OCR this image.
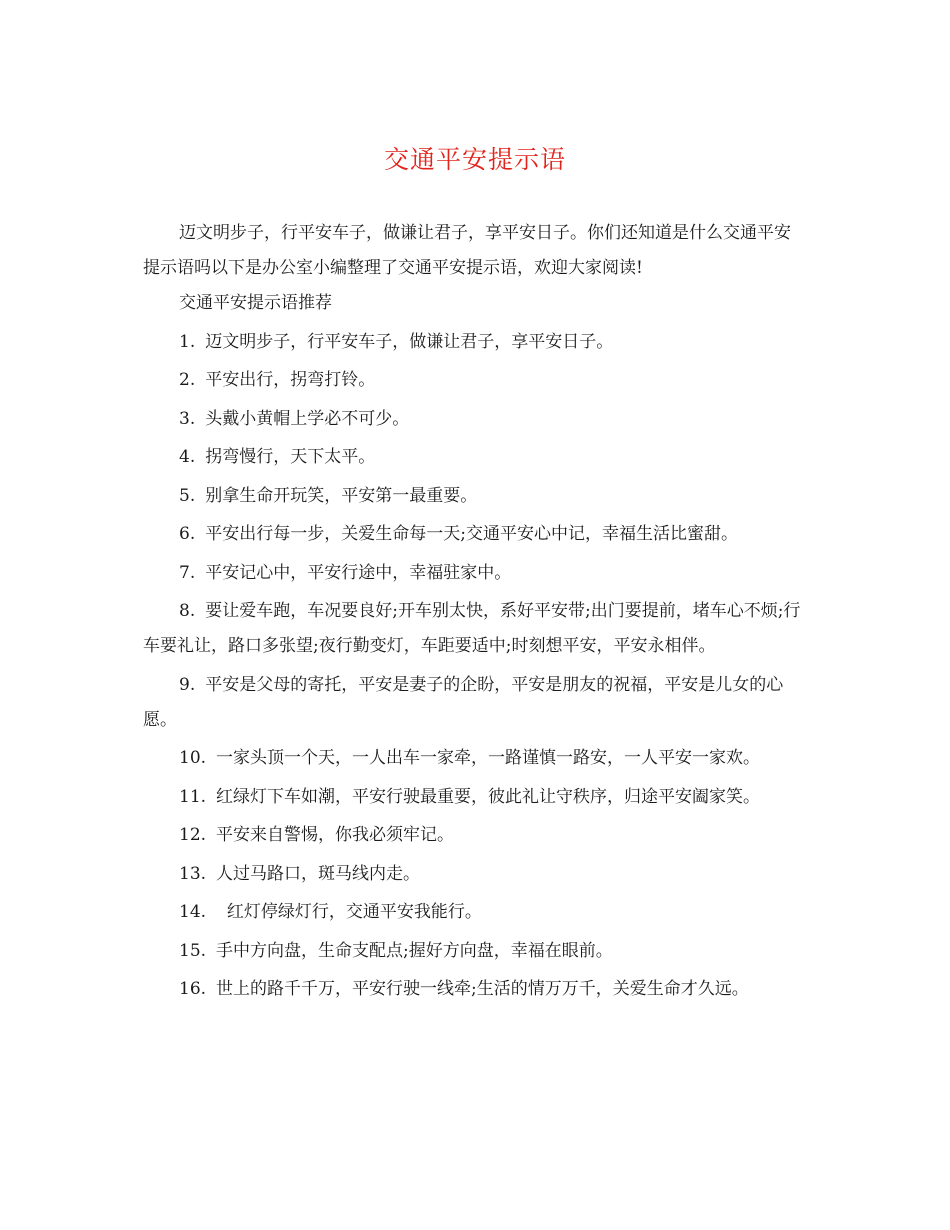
交通平安提示语

迈文明步子，行平安车子，做谦让君子，享平安日子。你们还知道是什么交通平安提示语吗以下是办公室小编整理了交通平安提示语，欢迎大家阅读!

交通平安提示语推荐

1. 迈文明步子，行平安车子，做谦让君子，享平安日子。

2. 平安出行，拐弯打铃。

3. 头戴小黄帽上学必不可少。

4. 拐弯慢行，天下太平。

5. 别拿生命开玩笑，平安第一最重要。

6. 平安出行每一步，关爱生命每一天;交通平安心中记，幸福生活比蜜甜。

7. 平安记心中，平安行途中，幸福驻家中。

8. 要让爱车跑，车况要良好;开车别太快，系好平安带;出门要提前，堵车心不烦;行车要礼让，路口多张望;夜行勤变灯，车距要适中;时刻想平安，平安永相伴。

9. 平安是父母的寄托，平安是妻子的企盼，平安是朋友的祝福，平安是儿女的心愿。

10. 一家头顶一个天，一人出车一家牵，一路谨慎一路安，一人平安一家欢。

11. 红绿灯下车如潮，平安行驶最重要，彼此礼让守秩序，归途平安阖家笑。

12. 平安来自警惕，你我必须牢记。

13. 人过马路口，斑马线内走。

14.  红灯停绿灯行，交通平安我能行。

15. 手中方向盘，生命支配点;握好方向盘，幸福在眼前。

16. 世上的路千千万，平安行驶一线牵;生活的情万万千，关爱生命才久远。
